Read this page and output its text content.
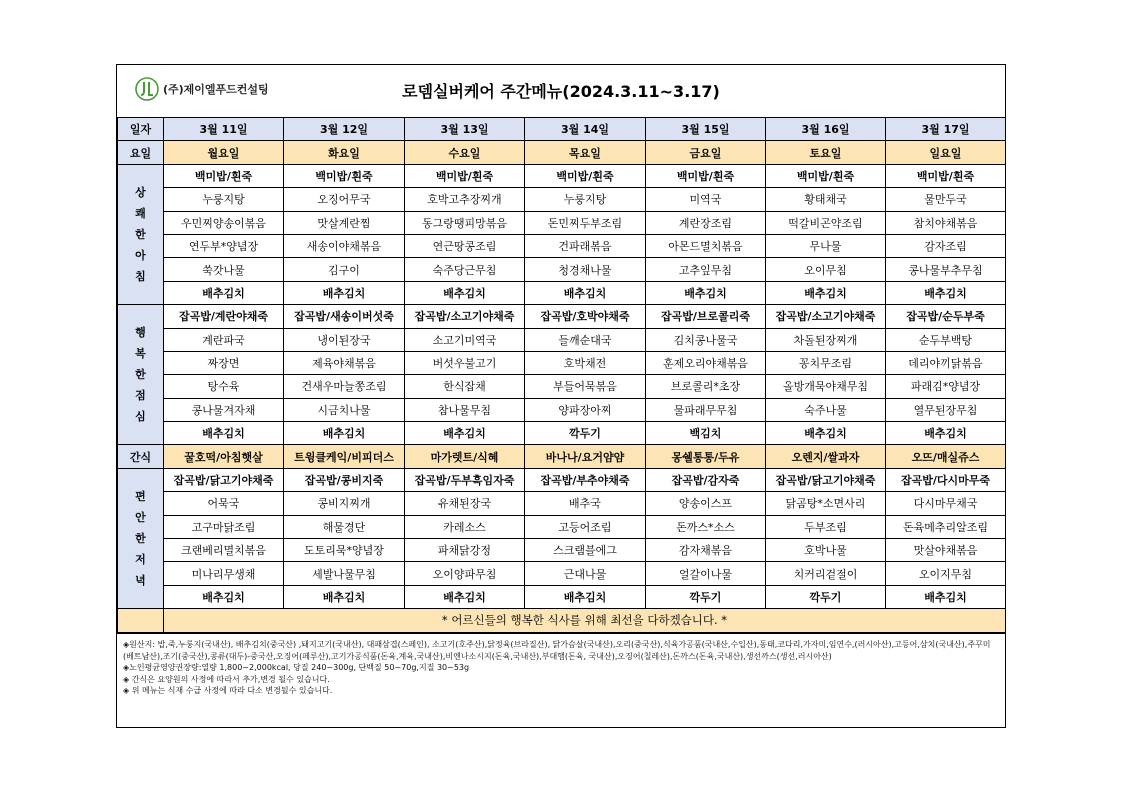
(주)제이엘푸드컨설팅	로뎀실버케어 주간메뉴(2024.3.11~3.17)
일자	3월 11일	3월 12일	3월 13일	3월 14일	3월 15일	3월 16일	3월 17일
요일	월요일	화요일	수요일	목요일	금요일	토요일	일요일

상
쾌
한
아
침	백미밥/흰죽	백미밥/흰죽	백미밥/흰죽	백미밥/흰죽	백미밥/흰죽	백미밥/흰죽	백미밥/흰죽
	누룽지탕	오징어무국	호박고추장찌개	누룽지탕	미역국	황태채국	물만두국
	우민찌양송이볶음	맛살계란찜	동그랑땡피망볶음	돈민찌두부조림	계란장조림	떡갈비곤약조림	참치야채볶음
	연두부*양념장	새송이야채볶음	연근땅콩조림	건파래볶음	아몬드멸치볶음	무나물	감자조림
	쑥갓나물	김구이	숙주당근무침	청경채나물	고추잎무침	오이무침	콩나물부추무침
	배추김치	배추김치	배추김치	배추김치	배추김치	배추김치	배추김치

행
복
한
점
심	잡곡밥/계란야채죽	잡곡밥/새송이버섯죽	잡곡밥/소고기야채죽	잡곡밥/호박야채죽	잡곡밥/브로콜리죽	잡곡밥/소고기야채죽	잡곡밥/순두부죽
	계란파국	냉이된장국	소고기미역국	들깨순대국	김치콩나물국	차돌된장찌개	순두부백탕
	짜장면	제육야채볶음	버섯우불고기	호박채전	훈제오리야채볶음	꽁치무조림	데리야끼닭볶음
	탕수육	건새우마늘쫑조림	한식잡채	부들어묵볶음	브로콜리*초장	올방개묵야채무침	파래김*양념장
	콩나물겨자채	시금치나물	참나물무침	양파장아찌	물파래무무침	숙주나물	열무된장무침
	배추김치	배추김치	배추김치	깍두기	백김치	배추김치	배추김치
간식	꿀호떡/아침햇살	트윙클케익/비피더스	마가렛트/식혜	바나나/요거얌얌	몽쉘통통/두유	오렌지/쌀과자	오뜨/매실쥬스

편
안
한
저
녁	잡곡밥/닭고기야채죽	잡곡밥/콩비지죽	잡곡밥/두부흑임자죽	잡곡밥/부추야채죽	잡곡밥/감자죽	잡곡밥/닭고기야채죽	잡곡밥/다시마무죽
	어묵국	콩비지찌개	유채된장국	배추국	양송이스프	닭곰탕*소면사리	다시마무채국
	고구마닭조림	해물경단	카레소스	고등어조림	돈까스*소스	두부조림	돈육메추리알조림
	크랜베리멸치볶음	도토리묵*양념장	파채닭강정	스크램블에그	감자채볶음	호박나물	맛살야채볶음
	미나리무생채	세발나물무침	오이양파무침	근대나물	얼갈이나물	치커리겉절이	오이지무침
	배추김치	배추김치	배추김치	배추김치	깍두기	깍두기	배추김치
	* 어르신들의 행복한 식사를 위해 최선을 다하겠습니다. *						

◈원산지: 밥,죽,누룽지(국내산), 배추김치(중국산) ,돼지고기(국내산), 대패삼겹(스페인), 소고기(호주산),닭정육(브라질산), 닭가슴살(국내산),오리(중국산),식육가공품(국내산,수입산),동태,코다리,가자미,임연수,(러시아산),고등어,삼치(국내산),주꾸미(베트남산),조기(중국산),콩류(대두)-중국산,오징어(페루산),고기가공식품(돈육,계육,국내산),비엔나소시지(돈육,국내산),부대햄(돈육, 국내산),오징어(칠레산),돈까스(돈육,국내산),생선까스(생선,러시아산)

◈노인평균영양권장량:열량 1,800~2,000kcal, 당질 240~300g, 단백질 50~70g,지질 30~53g

◈ 간식은 요양원의 사정에 따라서 추가,변경 될수 있습니다.

◈ 위 메뉴는 식재 수급 사정에 따라 다소 변경될수 있습니다.
